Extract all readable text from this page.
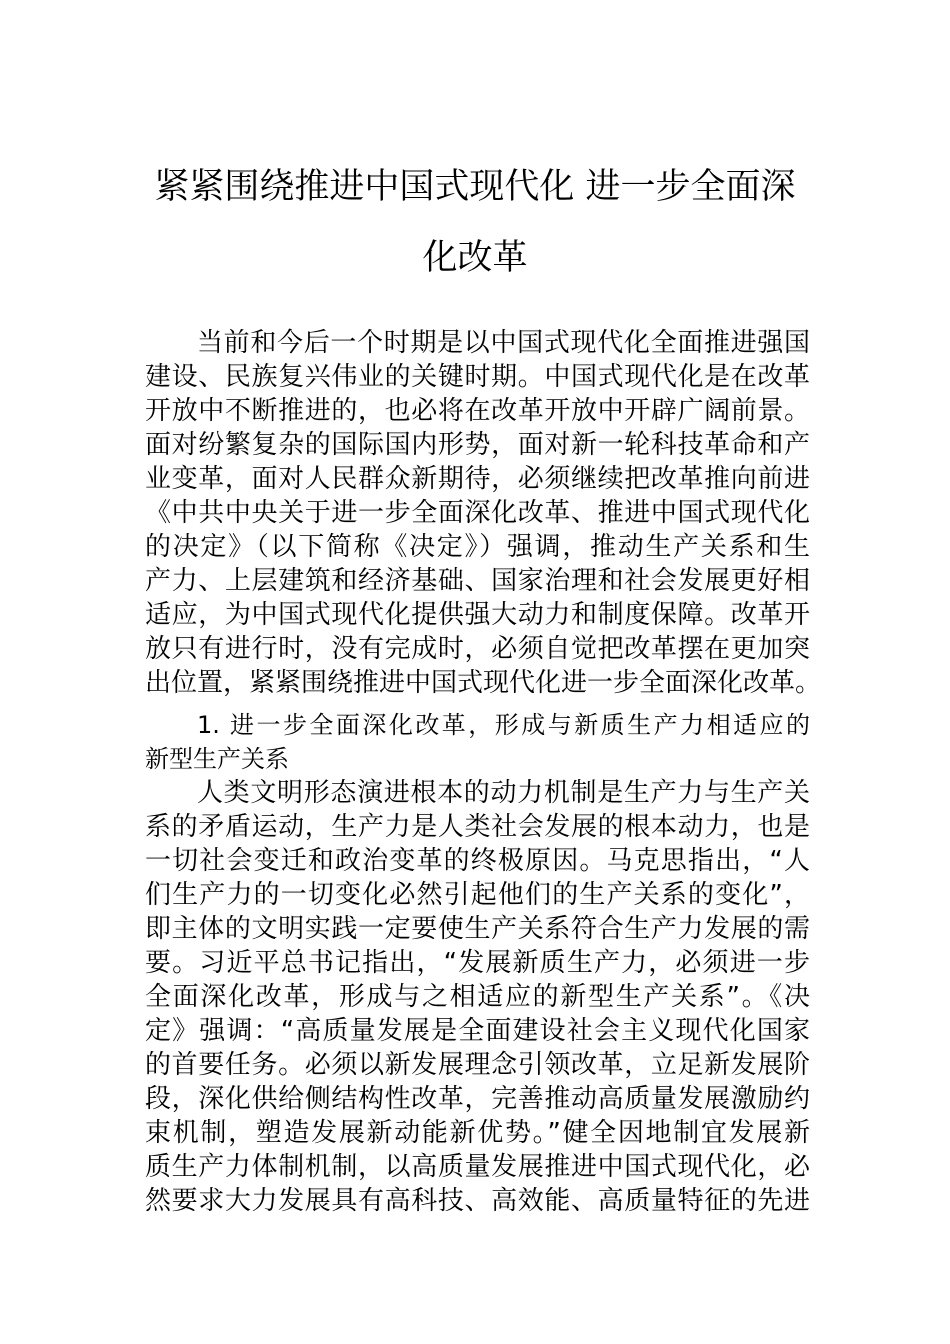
紧紧围绕推进中国式现代化 进一步全面深
化改革
当前和今后一个时期是以中国式现代化全面推进强国
建设、民族复兴伟业的关键时期。中国式现代化是在改革
开放中不断推进的，也必将在改革开放中开辟广阔前景。
面对纷繁复杂的国际国内形势，面对新一轮科技革命和产
业变革，面对人民群众新期待，必须继续把改革推向前进
《中共中央关于进一步全面深化改革、推进中国式现代化
的决定》（以下简称《决定》）强调，推动生产关系和生
产力、上层建筑和经济基础、国家治理和社会发展更好相
适应，为中国式现代化提供强大动力和制度保障。改革开
放只有进行时，没有完成时，必须自觉把改革摆在更加突
出位置，紧紧围绕推进中国式现代化进一步全面深化改革。
1. 进一步全面深化改革，形成与新质生产力相适应的
新型生产关系
人类文明形态演进根本的动力机制是生产力与生产关
系的矛盾运动，生产力是人类社会发展的根本动力，也是
一切社会变迁和政治变革的终极原因。马克思指出，“人
们生产力的一切变化必然引起他们的生产关系的变化”，
即主体的文明实践一定要使生产关系符合生产力发展的需
要。习近平总书记指出，“发展新质生产力，必须进一步
全面深化改革，形成与之相适应的新型生产关系”。《决
定》强调：“高质量发展是全面建设社会主义现代化国家
的首要任务。必须以新发展理念引领改革，立足新发展阶
段，深化供给侧结构性改革，完善推动高质量发展激励约
束机制，塑造发展新动能新优势。”健全因地制宜发展新
质生产力体制机制，以高质量发展推进中国式现代化，必
然要求大力发展具有高科技、高效能、高质量特征的先进
